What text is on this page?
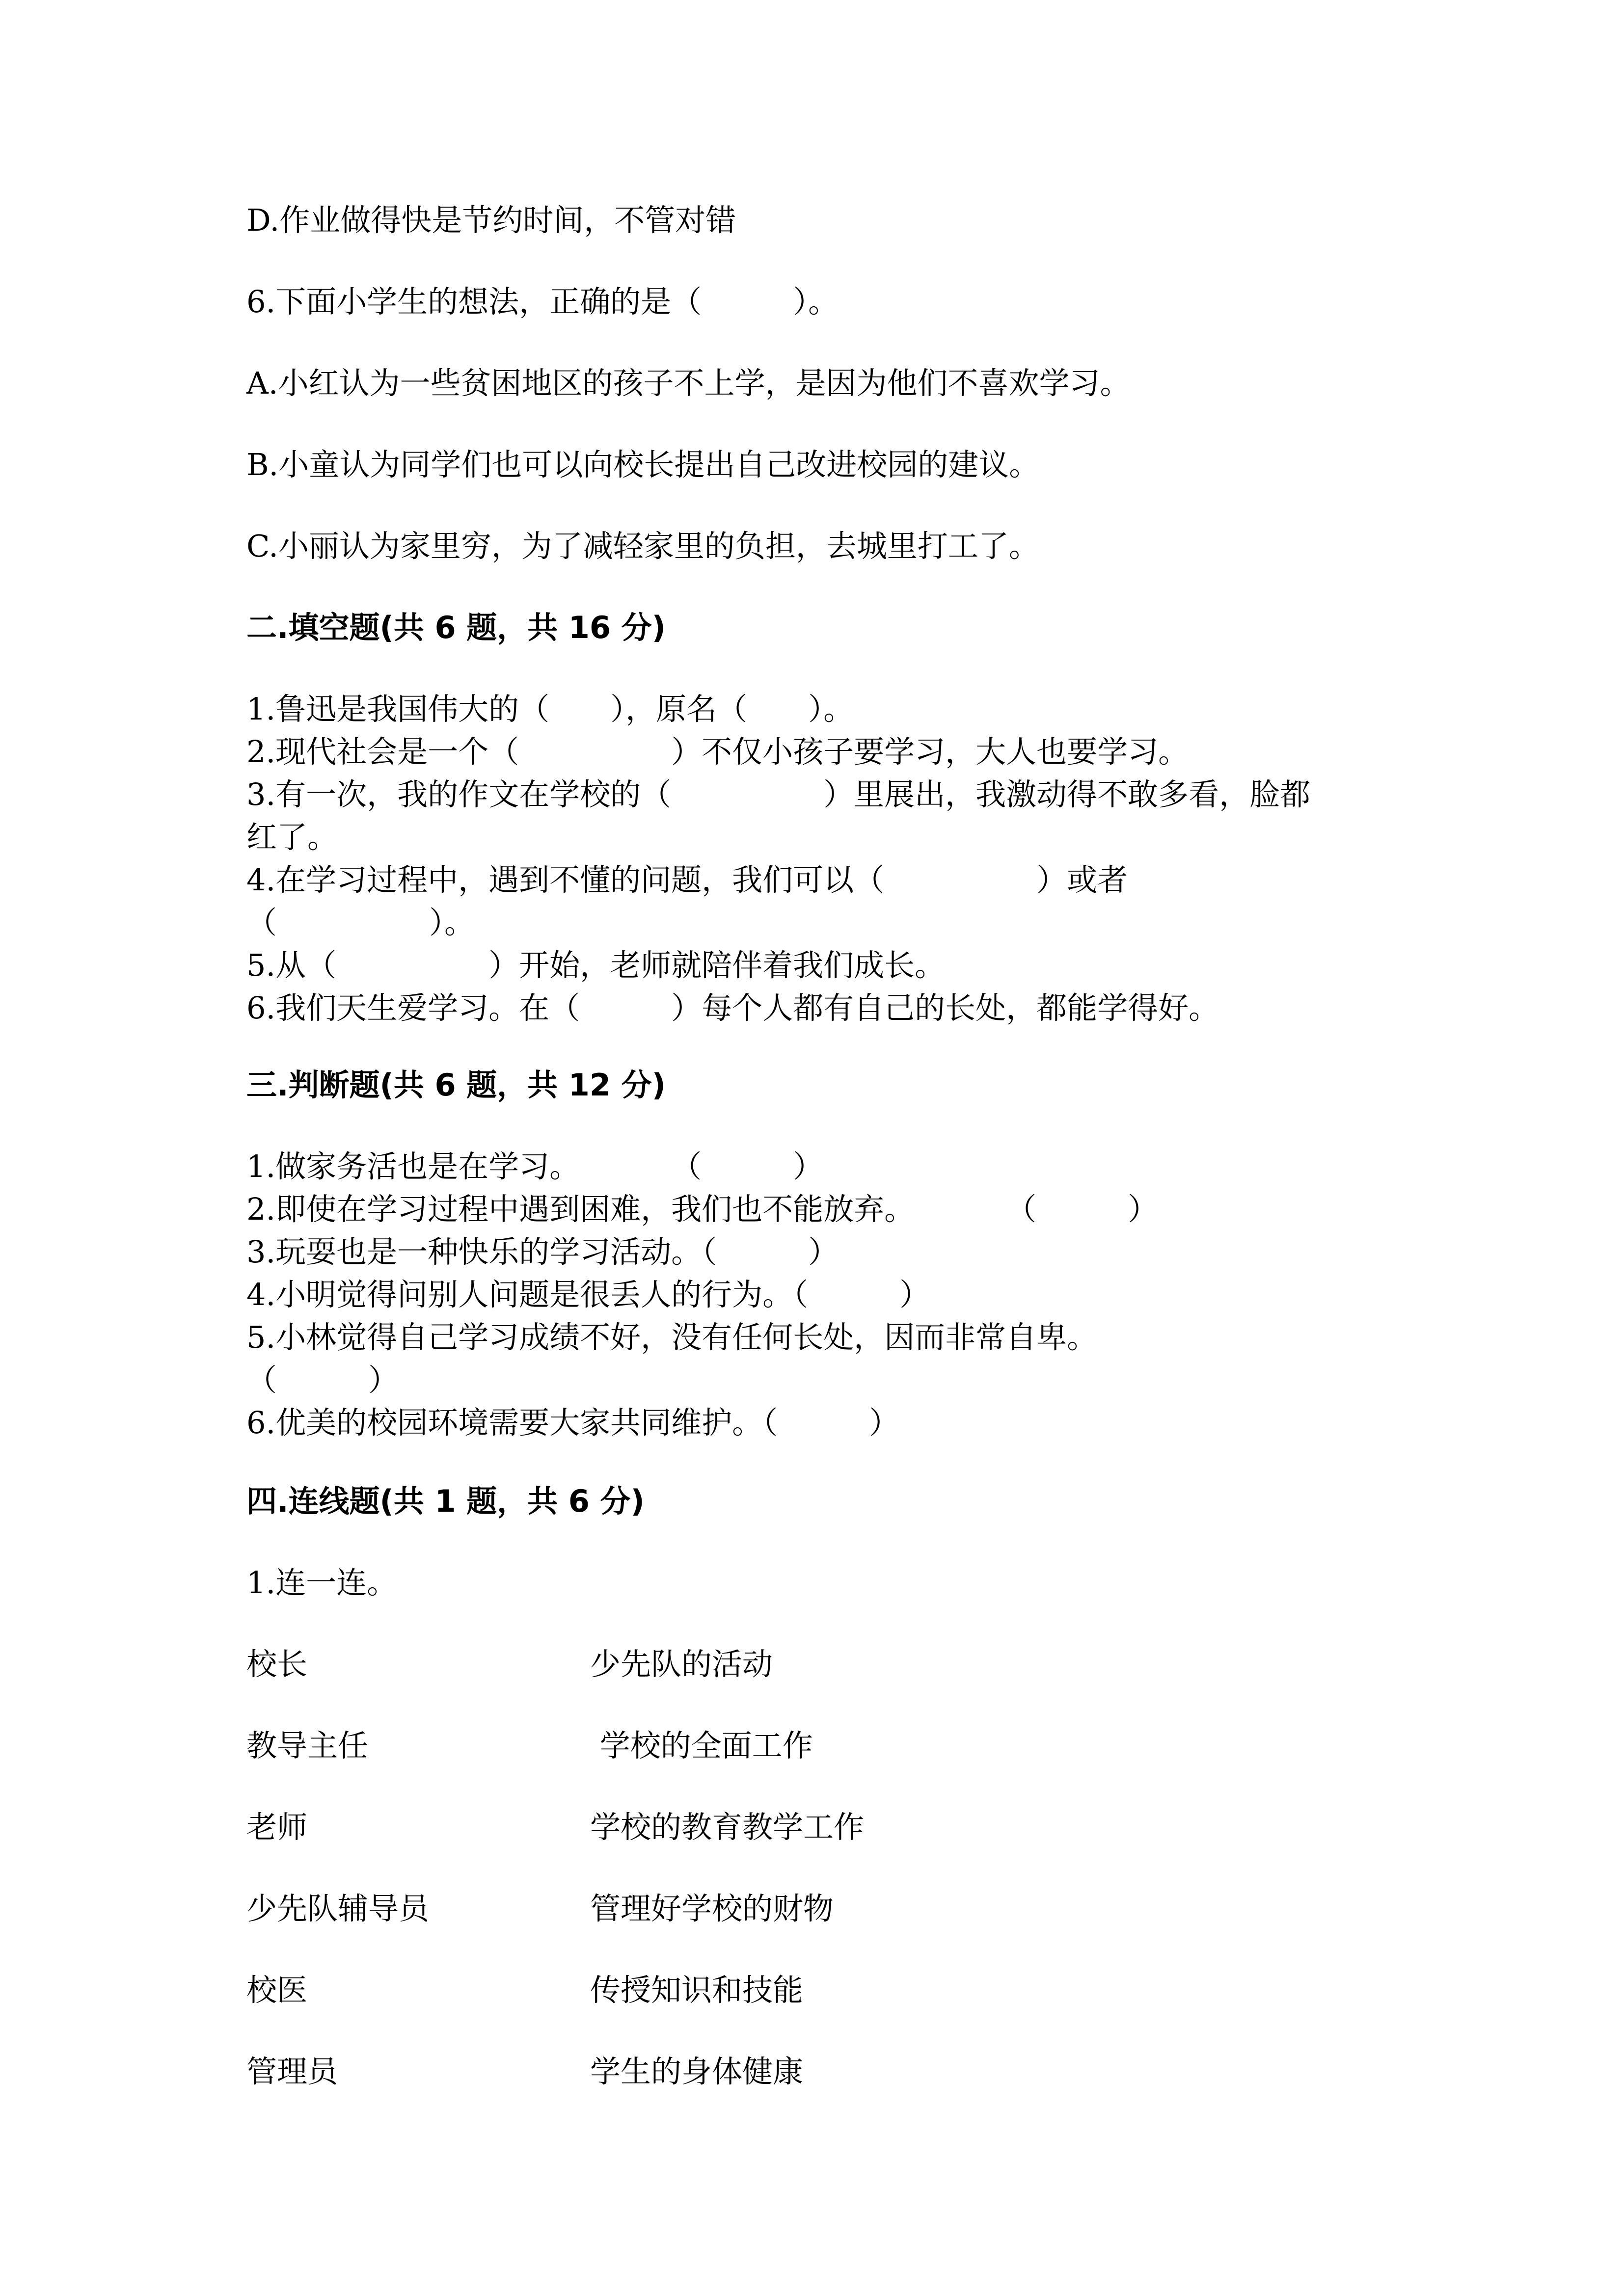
D.作业做得快是节约时间，不管对错
6.下面小学生的想法，正确的是（　　　）。
A.小红认为一些贫困地区的孩子不上学，是因为他们不喜欢学习。
B.小童认为同学们也可以向校长提出自己改进校园的建议。
C.小丽认为家里穷，为了减轻家里的负担，去城里打工了。
二.填空题(共 6 题，共 16 分)
1.鲁迅是我国伟大的（　　），原名（　　）。
2.现代社会是一个（　　　　　）不仅小孩子要学习，大人也要学习。
3.有一次，我的作文在学校的（　　　　　）里展出，我激动得不敢多看，脸都
红了。
4.在学习过程中，遇到不懂的问题，我们可以（　　　　　）或者
（　　　　　）。
5.从（　　　　　）开始，老师就陪伴着我们成长。
6.我们天生爱学习。在（　　　）每个人都有自己的长处，都能学得好。
三.判断题(共 6 题，共 12 分)
1.做家务活也是在学习。　　　　（　　　）
2.即使在学习过程中遇到困难，我们也不能放弃。　　　　（　　　）
3.玩耍也是一种快乐的学习活动。（　　　）
4.小明觉得问别人问题是很丢人的行为。（　　　）
5.小林觉得自己学习成绩不好，没有任何长处，因而非常自卑。
（　　　）
6.优美的校园环境需要大家共同维护。（　　　）
四.连线题(共 1 题，共 6 分)
1.连一连。
校长	少先队的活动
教导主任	学校的全面工作
老师	学校的教育教学工作
少先队辅导员	管理好学校的财物
校医	传授知识和技能
管理员	学生的身体健康
